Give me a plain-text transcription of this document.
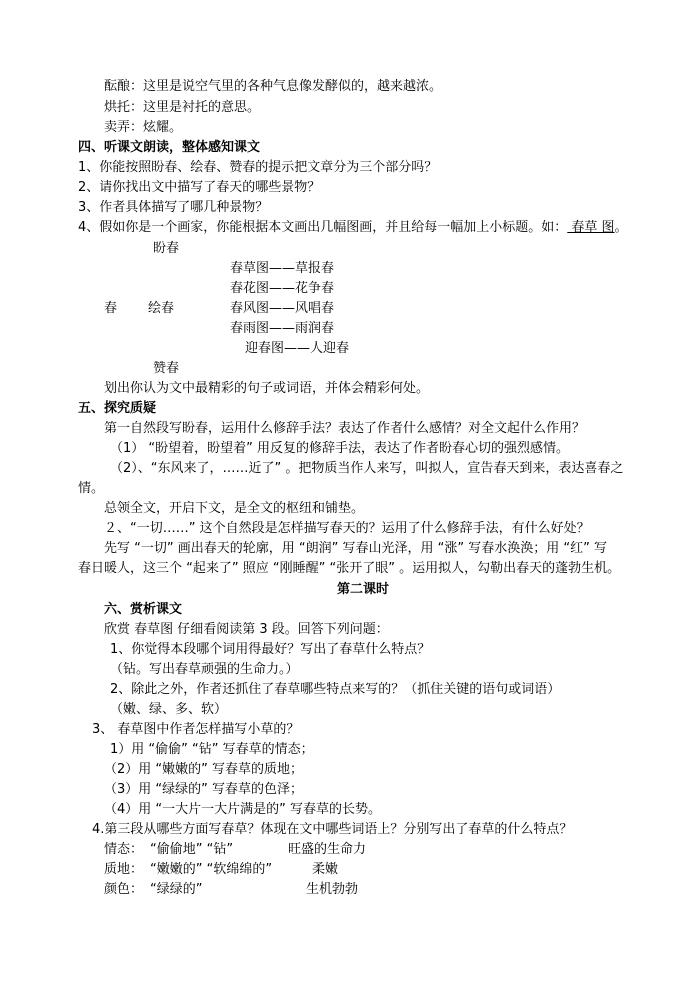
酝酿：这里是说空气里的各种气息像发酵似的，越来越浓。
烘托：这里是衬托的意思。
卖弄：炫耀。
四、听课文朗读，整体感知课文
1、你能按照盼春、绘春、赞春的提示把文章分为三个部分吗？
2、请你找出文中描写了春天的哪些景物？
3、作者具体描写了哪几种景物？
4、假如你是一个画家，你能根据本文画出几幅图画，并且给每一幅加上小标题。如： 春草 图。
盼春
春草图——草报春
春花图——花争春
春 绘春	春风图——风唱春
春雨图——雨润春
迎春图——人迎春
赞春
划出你认为文中最精彩的句子或词语，并体会精彩何处。
五、探究质疑
第一自然段写盼春，运用什么修辞手法？表达了作者什么感情？对全文起什么作用？
（1） “盼望着，盼望着” 用反复的修辞手法，表达了作者盼春心切的强烈感情。
（2）、“东风来了，……近了” 。把物质当作人来写，叫拟人，宣告春天到来，表达喜春之
情。
总领全文，开启下文，是全文的枢纽和铺垫。
２、“一切……” 这个自然段是怎样描写春天的？运用了什么修辞手法，有什么好处？
先写 “一切” 画出春天的轮廓，用 “朗润” 写春山光泽，用 “涨” 写春水涣涣；用 “红” 写
春日暖人，这三个 “起来了” 照应 “刚睡醒” “张开了眼” 。运用拟人，勾勒出春天的蓬勃生机。
第二课时
六、赏析课文
欣赏 春草图 仔细看阅读第 3 段。回答下列问题：
1、你觉得本段哪个词用得最好？写出了春草什么特点？
（钻。写出春草顽强的生命力。）
2、除此之外，作者还抓住了春草哪些特点来写的？（抓住关键的语句或词语）
（嫩、绿、多、软）
3、 春草图中作者怎样描写小草的？
1）用 “偷偷” “钻” 写春草的情态；
（2）用 “嫩嫩的” 写春草的质地；
（3）用 “绿绿的” 写春草的色泽；
（4）用 “一大片一大片满是的” 写春草的长势。
4.第三段从哪些方面写春草？体现在文中哪些词语上？分别写出了春草的什么特点？
情态： “偷偷地” “钻”	旺盛的生命力
质地： “嫩嫩的” “软绵绵的”	柔嫩
颜色： “绿绿的”	生机勃勃
